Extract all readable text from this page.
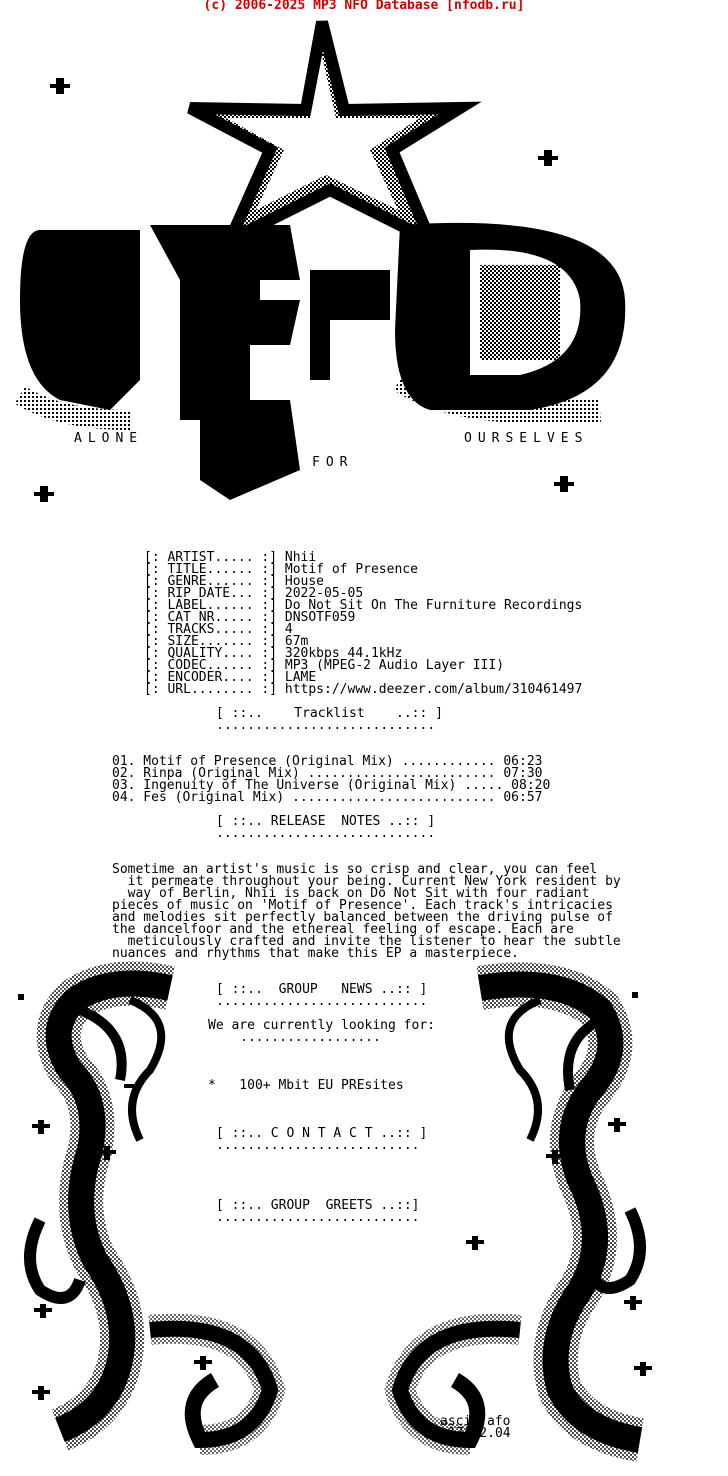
(c) 2006-2025 MP3 NFO Database [nfodb.ru]
ALONE
FOR
OURSELVES

[: ARTIST..... :] Nhii
[: TITLE...... :] Motif of Presence
[: GENRE...... :] House
[: RIP DATE... :] 2022-05-05
[: LABEL...... :] Do Not Sit On The Furniture Recordings
[: CAT NR..... :] DNSOTF059
[: TRACKS..... :] 4
[: SIZE....... :] 67m
[: QUALITY.... :] 320kbps 44.1kHz
[: CODEC...... :] MP3 (MPEG-2 Audio Layer III)
[: ENCODER.... :] LAME
[: URL........ :] https://www.deezer.com/album/310461497

[ ::..    Tracklist    ..:: ]
............................

01. Motif of Presence (Original Mix) ............ 06:23
02. Rinpa (Original Mix) ........................ 07:30
03. Ingenuity of The Universe (Original Mix) ..... 08:20
04. Fes (Original Mix) .......................... 06:57

[ ::.. RELEASE  NOTES ..:: ]
............................

Sometime an artist's music is so crisp and clear, you can feel
it permeate throughout your being. Current New York resident by
way of Berlin, Nhii is back on Do Not Sit with four radiant
pieces of music on 'Motif of Presence'. Each track's intricacies
and melodies sit perfectly balanced between the driving pulse of
the dancelfoor and the ethereal feeling of escape. Each are
meticulously crafted and invite the listener to hear the subtle
nuances and rhythms that make this EP a masterpiece.

[ ::..  GROUP   NEWS ..:: ]
...........................
We are currently looking for:
..................
*   100+ Mbit EU PREsites
[ ::.. C O N T A C T ..:: ]
..........................
[ ::.. GROUP  GREETS ..::]
..........................
ascii.afo
17.02.04
